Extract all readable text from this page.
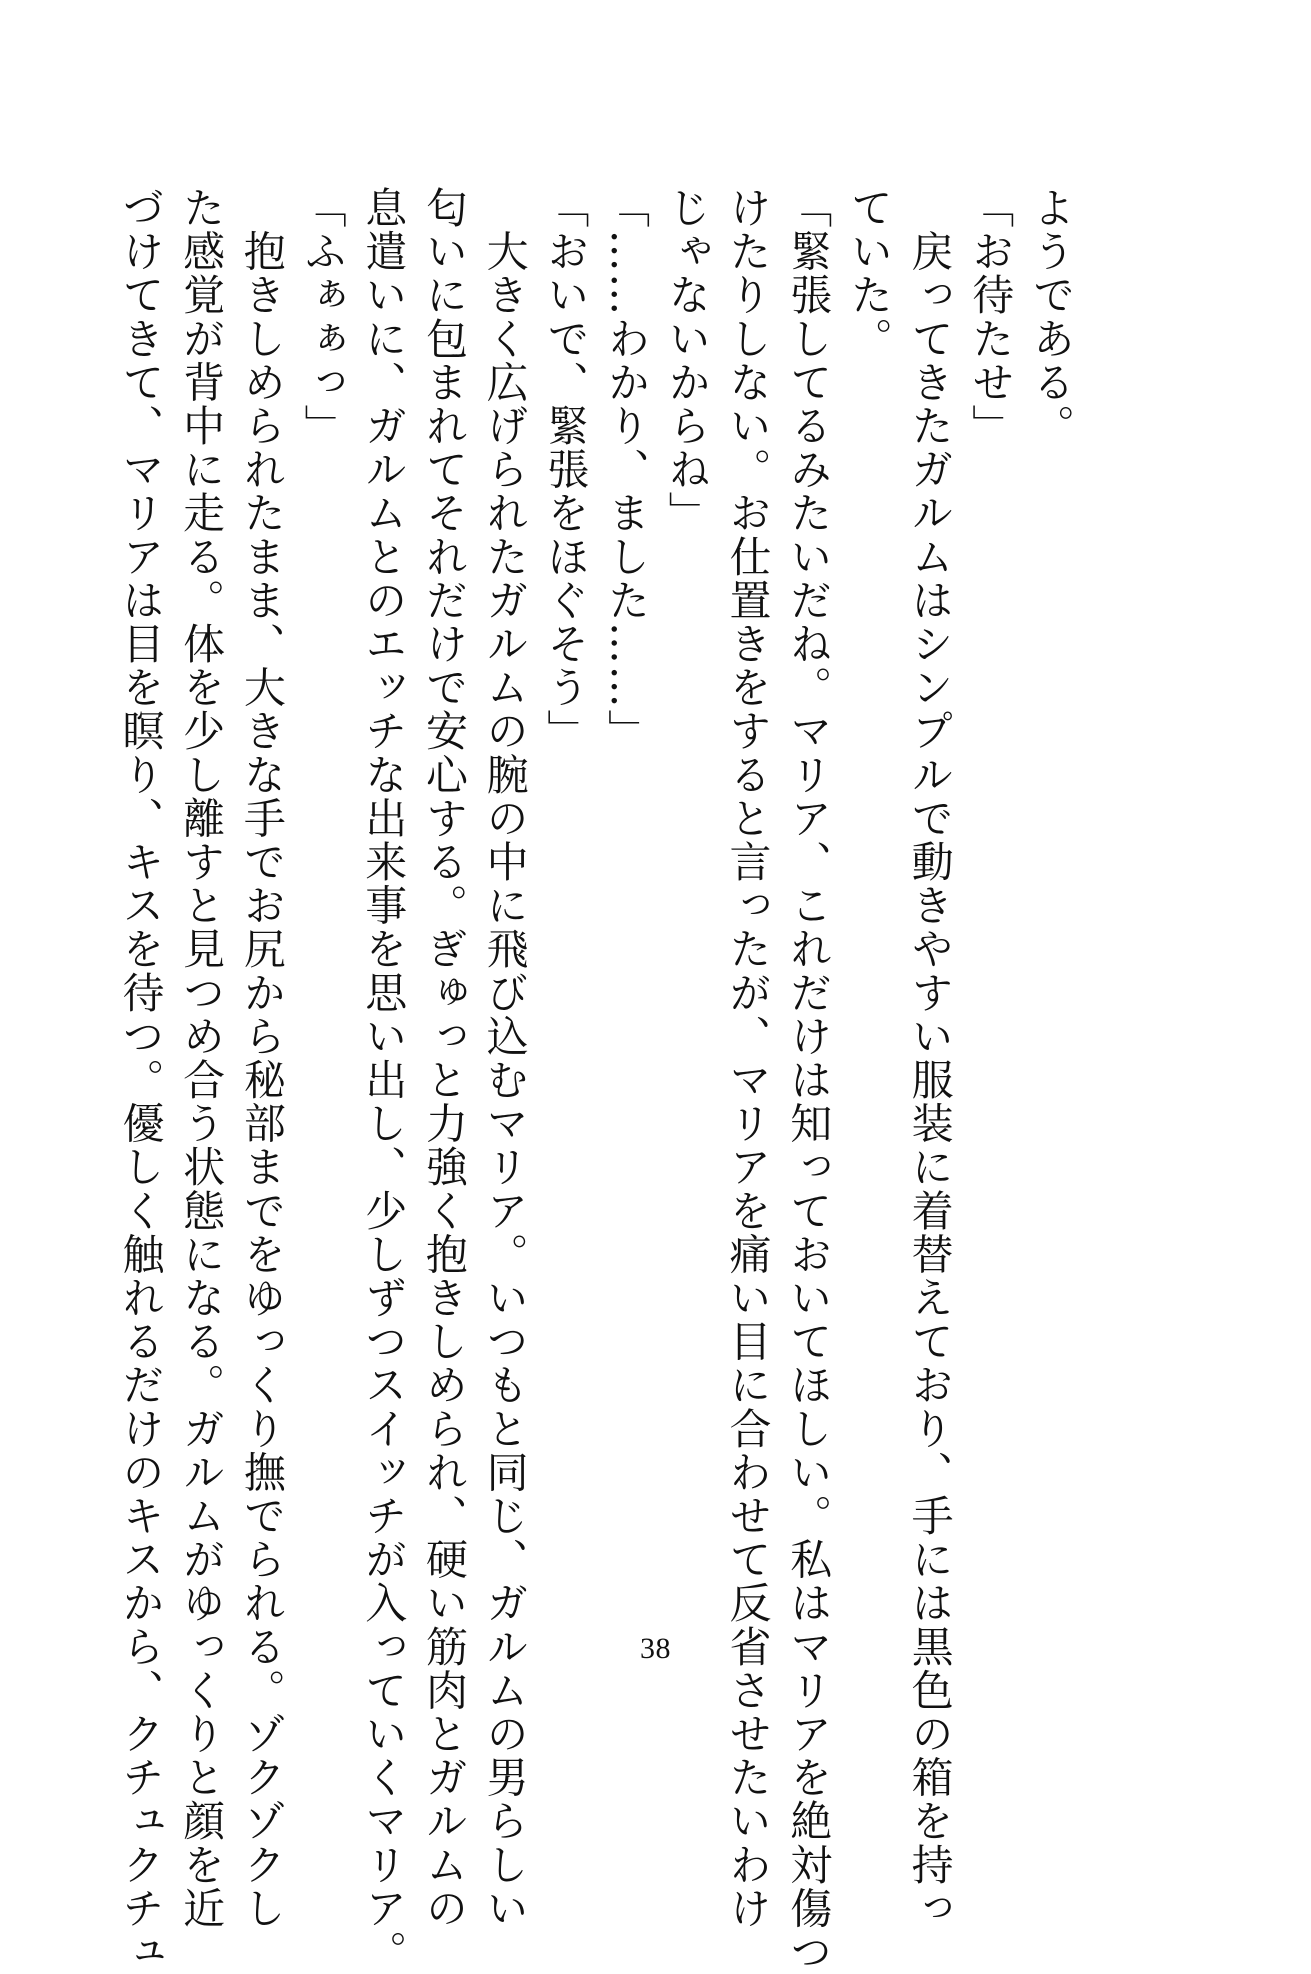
ようである。

「お待たせ」

　戻ってきたガルムはシンプルで動きやすい服装に着替えており、手には黒色の箱を持っ

ていた。

「緊張してるみたいだね。マリア、これだけは知っておいてほしい。私はマリアを絶対傷つ

けたりしない。お仕置きをすると言ったが、マリアを痛い目に合わせて反省させたいわけ

じゃないからね」

「……わかり、ました……」

「おいで、緊張をほぐそう」

　大きく広げられたガルムの腕の中に飛び込むマリア。いつもと同じ、ガルムの男らしい

匂いに包まれてそれだけで安心する。ぎゅっと力強く抱きしめられ、硬い筋肉とガルムの

息遣いに、ガルムとのエッチな出来事を思い出し、少しずつスイッチが入っていくマリア。

「ふぁぁっ」

　抱きしめられたまま、大きな手でお尻から秘部までをゆっくり撫でられる。ゾクゾクし

た感覚が背中に走る。体を少し離すと見つめ合う状態になる。ガルムがゆっくりと顔を近

づけてきて、マリアは目を瞑り、キスを待つ。優しく触れるだけのキスから、クチュクチュ	38
